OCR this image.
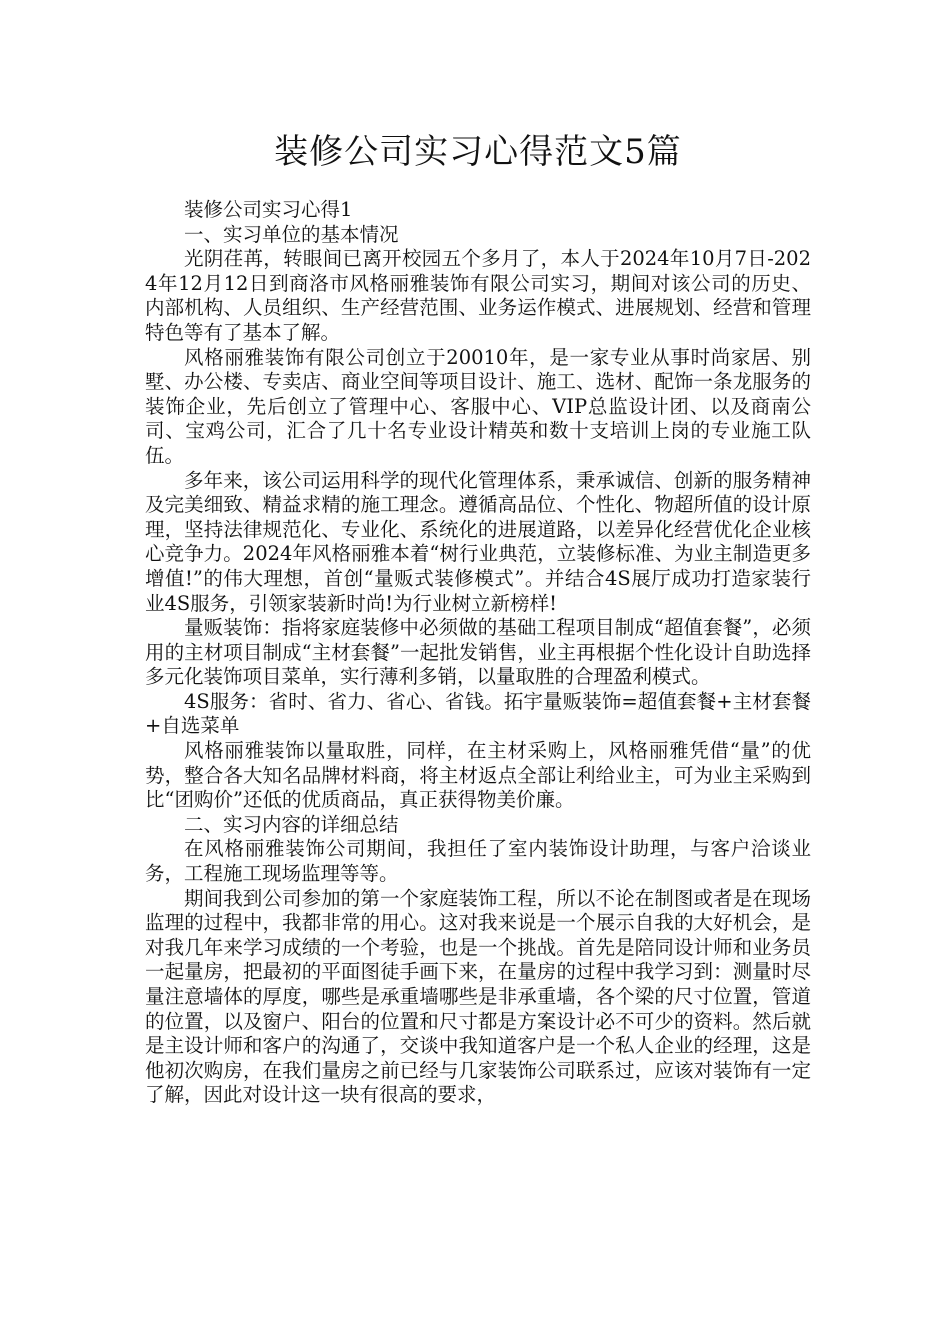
装修公司实习心得范文5篇

装修公司实习心得1

一、实习单位的基本情况

光阴荏苒，转眼间已离开校园五个多月了，本人于2024年10月7日-2024年12月12日到商洛市风格丽雅装饰有限公司实习，期间对该公司的历史、内部机构、人员组织、生产经营范围、业务运作模式、进展规划、经营和管理特色等有了基本了解。

风格丽雅装饰有限公司创立于20010年，是一家专业从事时尚家居、别墅、办公楼、专卖店、商业空间等项目设计、施工、选材、配饰一条龙服务的装饰企业，先后创立了管理中心、客服中心、VIP总监设计团、以及商南公司、宝鸡公司，汇合了几十名专业设计精英和数十支培训上岗的专业施工队伍。

多年来，该公司运用科学的现代化管理体系，秉承诚信、创新的服务精神及完美细致、精益求精的施工理念。遵循高品位、个性化、物超所值的设计原理，坚持法律规范化、专业化、系统化的进展道路，以差异化经营优化企业核心竞争力。2024年风格丽雅本着“树行业典范，立装修标准、为业主制造更多增值!”的伟大理想，首创“量贩式装修模式”。并结合4S展厅成功打造家装行业4S服务，引领家装新时尚!为行业树立新榜样!

量贩装饰：指将家庭装修中必须做的基础工程项目制成“超值套餐”，必须用的主材项目制成“主材套餐”一起批发销售，业主再根据个性化设计自助选择多元化装饰项目菜单，实行薄利多销，以量取胜的合理盈利模式。

4S服务：省时、省力、省心、省钱。拓宇量贩装饰=超值套餐+主材套餐+自选菜单

风格丽雅装饰以量取胜，同样，在主材采购上，风格丽雅凭借“量”的优势，整合各大知名品牌材料商，将主材返点全部让利给业主，可为业主采购到比“团购价”还低的优质商品，真正获得物美价廉。

二、实习内容的详细总结

在风格丽雅装饰公司期间，我担任了室内装饰设计助理，与客户洽谈业务，工程施工现场监理等等。

期间我到公司参加的第一个家庭装饰工程，所以不论在制图或者是在现场监理的过程中，我都非常的用心。这对我来说是一个展示自我的大好机会，是对我几年来学习成绩的一个考验，也是一个挑战。首先是陪同设计师和业务员一起量房，把最初的平面图徒手画下来，在量房的过程中我学习到：测量时尽量注意墙体的厚度，哪些是承重墙哪些是非承重墙，各个梁的尺寸位置，管道的位置，以及窗户、阳台的位置和尺寸都是方案设计必不可少的资料。然后就是主设计师和客户的沟通了，交谈中我知道客户是一个私人企业的经理，这是他初次购房，在我们量房之前已经与几家装饰公司联系过，应该对装饰有一定了解，因此对设计这一块有很高的要求，
